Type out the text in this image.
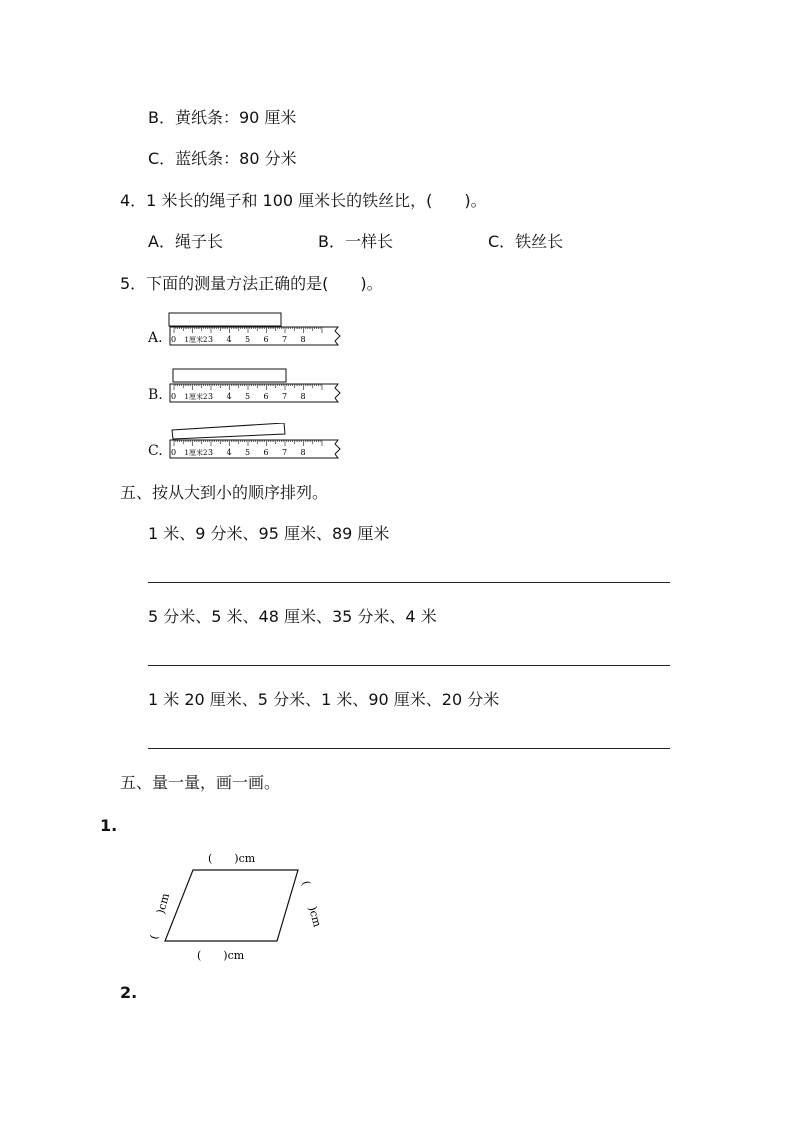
B．黄纸条：90 厘米
C．蓝纸条：80 分米
4．1 米长的绳子和 100 厘米长的铁丝比，(　　)。
A．绳子长	B．一样长	C．铁丝长
5．下面的测量方法正确的是(　　)。
A. 0 1厘米2 3 4 5 6 7 8
B. 0 1厘米2 3 4 5 6 7 8
C. 0 1厘米2 3 4 5 6 7 8
五、按从大到小的顺序排列。
1 米、9 分米、95 厘米、89 厘米
5 分米、5 米、48 厘米、35 分米、4 米
1 米 20 厘米、5 分米、1 米、90 厘米、20 分米
五、量一量，画一画。
1.
(　　)cm
(　　)cm
(　　)cm	(　　)cm
2.
